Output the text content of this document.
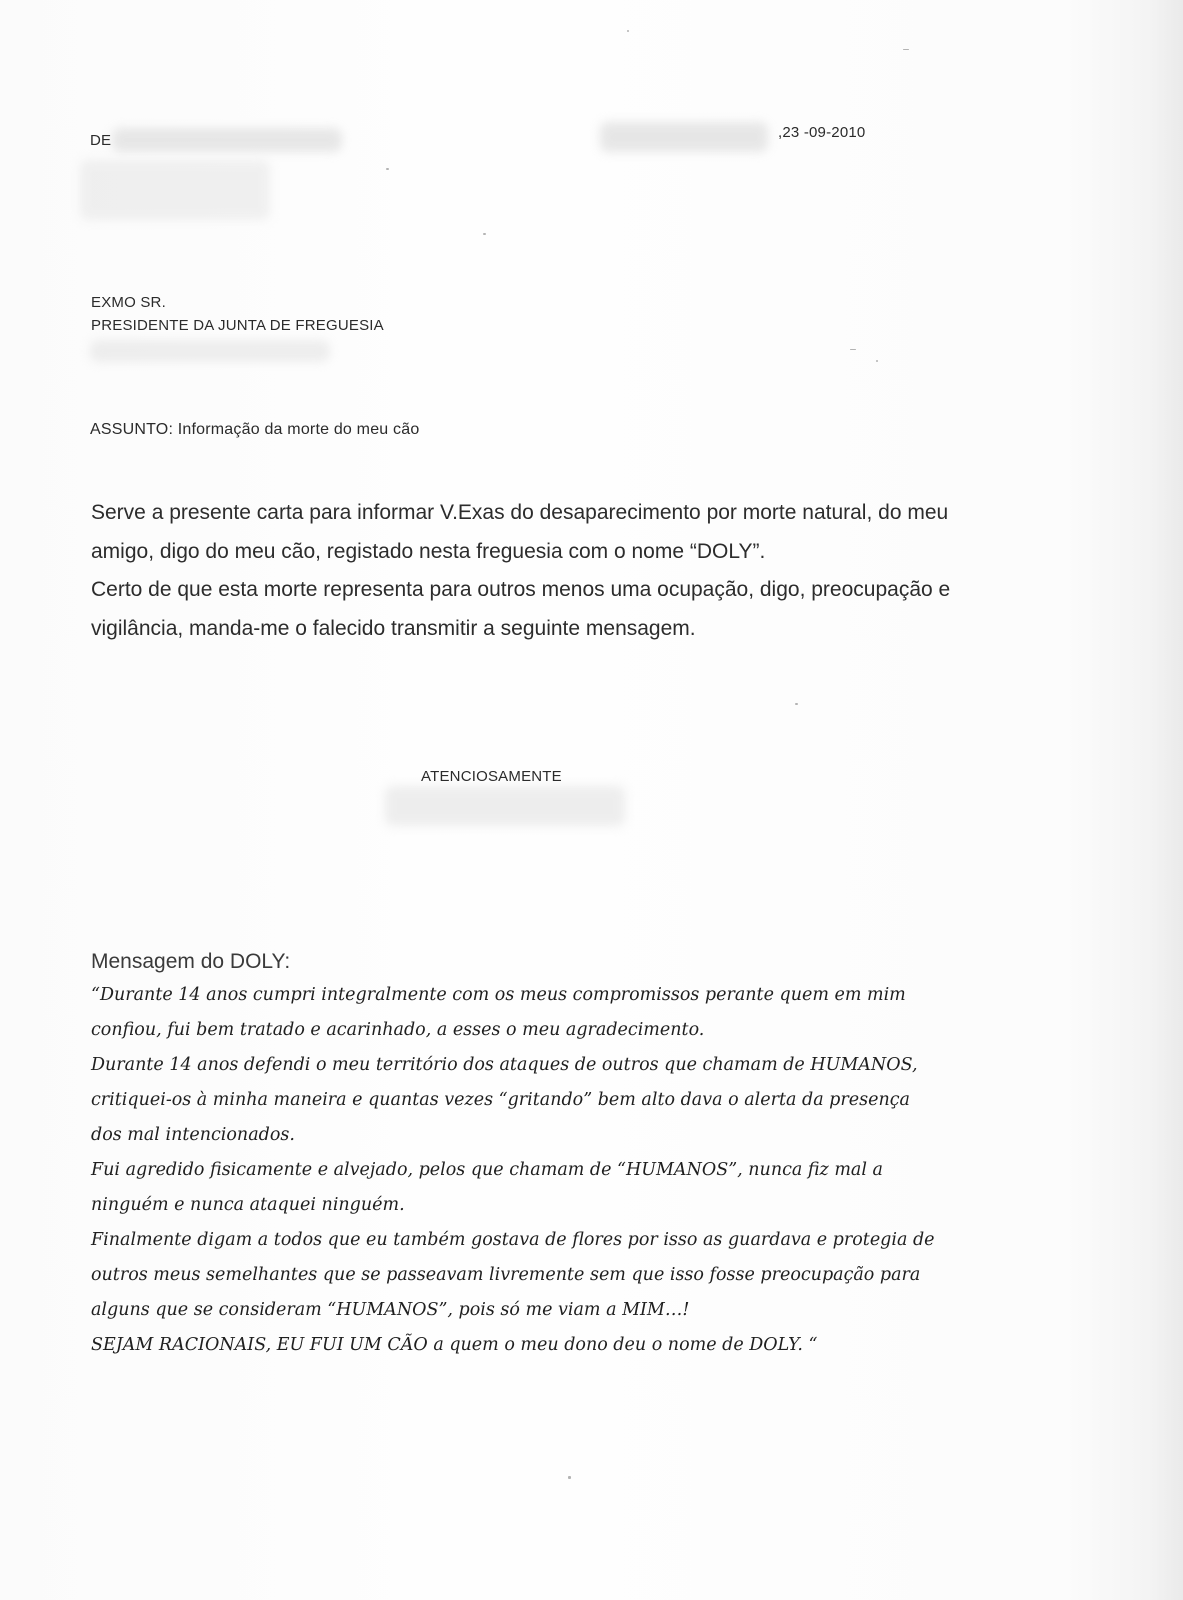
DE	,23 -09-2010
EXMO SR.
PRESIDENTE DA JUNTA DE FREGUESIA
ASSUNTO: Informação da morte do meu cão

Serve a presente carta para informar V.Exas do desaparecimento por morte natural, do meu amigo, digo do meu cão, registado nesta freguesia com o nome “DOLY”.

Certo de que esta morte representa para outros menos uma ocupação, digo, preocupação e vigilância, manda-me o falecido transmitir a seguinte mensagem.

ATENCIOSAMENTE
Mensagem do DOLY:

“Durante 14 anos cumpri integralmente com os meus compromissos perante quem em mim confiou, fui bem tratado e acarinhado, a esses o meu agradecimento.

Durante 14 anos defendi o meu território dos ataques de outros que chamam de HUMANOS, critiquei-os à minha maneira e quantas vezes “gritando” bem alto dava o alerta da presença dos mal intencionados.

Fui agredido fisicamente e alvejado, pelos que chamam de “HUMANOS”, nunca fiz mal a ninguém e nunca ataquei ninguém.

Finalmente digam a todos que eu também gostava de flores por isso as guardava e protegia de outros meus semelhantes que se passeavam livremente sem que isso fosse preocupação para alguns que se consideram “HUMANOS”, pois só me viam a MIM…!

SEJAM RACIONAIS, EU FUI UM CÃO a quem o meu dono deu o nome de DOLY. “
